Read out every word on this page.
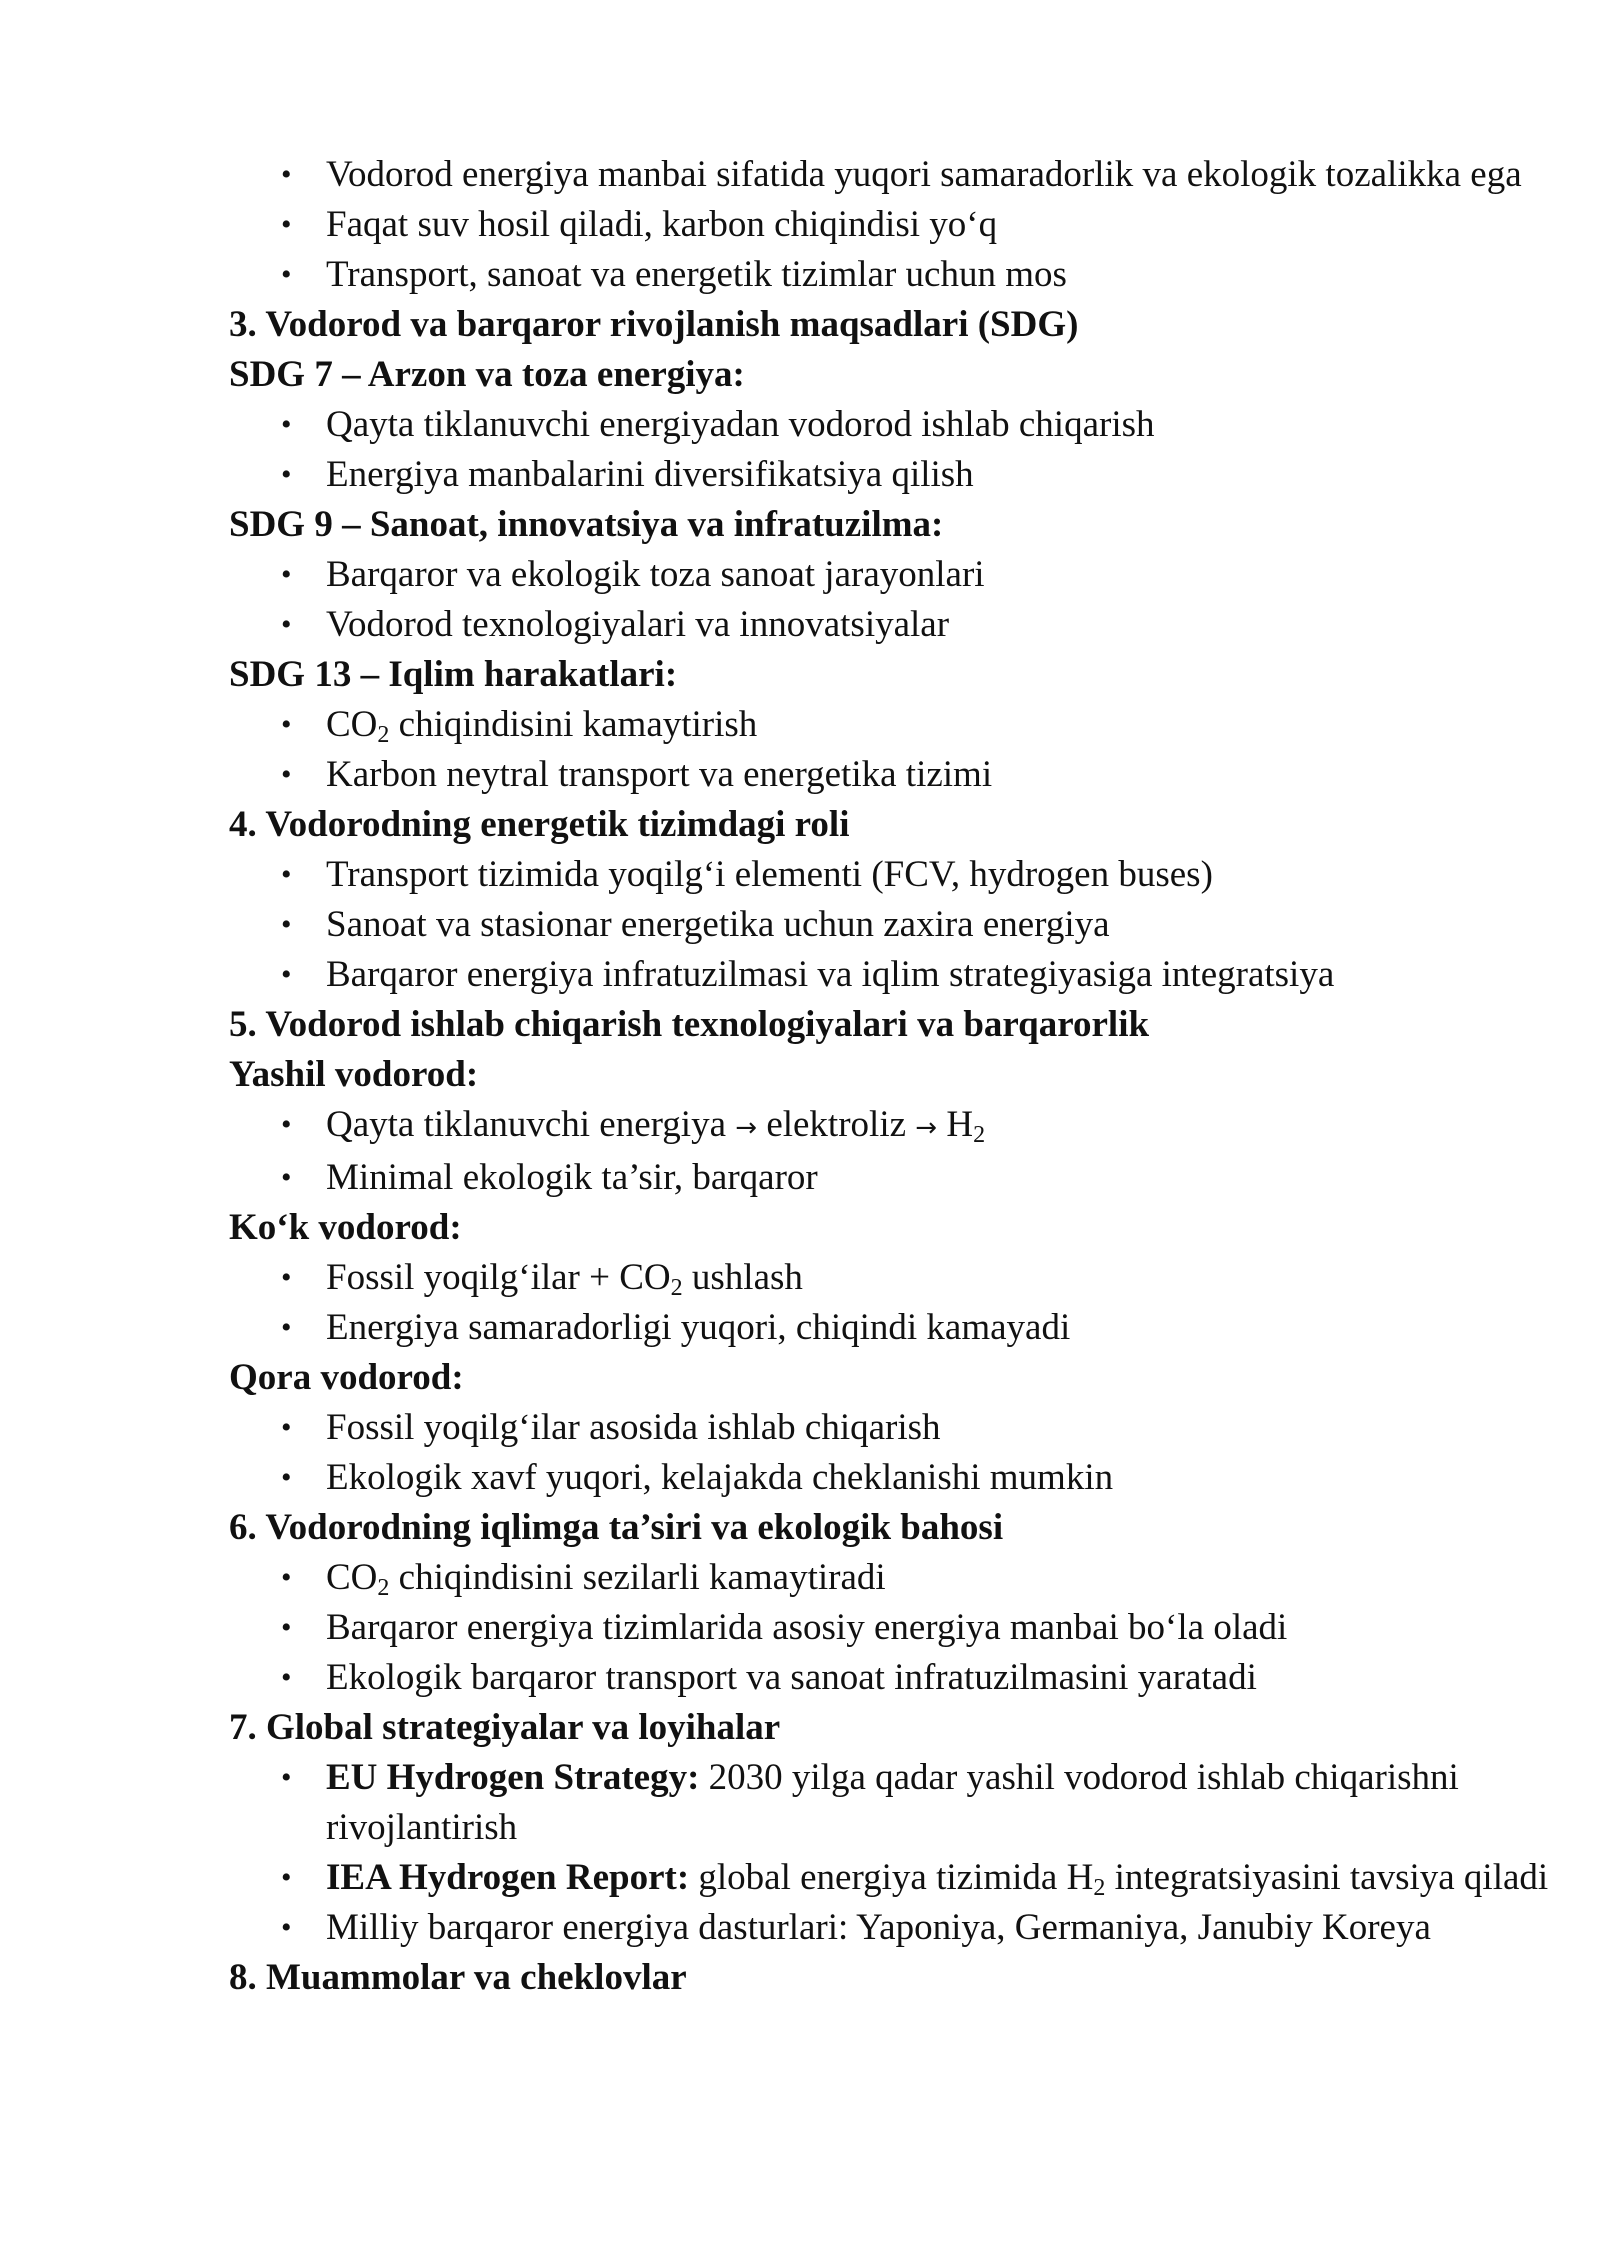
• Vodorod energiya manbai sifatida yuqori samaradorlik va ekologik tozalikka ega
• Faqat suv hosil qiladi, karbon chiqindisi yo‘q
• Transport, sanoat va energetik tizimlar uchun mos
3. Vodorod va barqaror rivojlanish maqsadlari (SDG)
SDG 7 – Arzon va toza energiya:
• Qayta tiklanuvchi energiyadan vodorod ishlab chiqarish
• Energiya manbalarini diversifikatsiya qilish
SDG 9 – Sanoat, innovatsiya va infratuzilma:
• Barqaror va ekologik toza sanoat jarayonlari
• Vodorod texnologiyalari va innovatsiyalar
SDG 13 – Iqlim harakatlari:
• $CO_2$ chiqindisini kamaytirish
• Karbon neytral transport va energetika tizimi
4. Vodorodning energetik tizimdagi roli
• Transport tizimida yoqilg‘i elementi (FCV, hydrogen buses)
• Sanoat va stasionar energetika uchun zaxira energiya
• Barqaror energiya infratuzilmasi va iqlim strategiyasiga integratsiya
5. Vodorod ishlab chiqarish texnologiyalari va barqarorlik
Yashil vodorod:
• Qayta tiklanuvchi energiya → elektroliz → $H_2$
• Minimal ekologik ta’sir, barqaror
Ko‘k vodorod:
• Fossil yoqilg‘ilar + $CO_2$ ushlash
• Energiya samaradorligi yuqori, chiqindi kamayadi
Qora vodorod:
• Fossil yoqilg‘ilar asosida ishlab chiqarish
• Ekologik xavf yuqori, kelajakda cheklanishi mumkin
6. Vodorodning iqlimga ta’siri va ekologik bahosi
• $CO_2$ chiqindisini sezilarli kamaytiradi
• Barqaror energiya tizimlarida asosiy energiya manbai bo‘la oladi
• Ekologik barqaror transport va sanoat infratuzilmasini yaratadi
7. Global strategiyalar va loyihalar
• EU Hydrogen Strategy: 2030 yilga qadar yashil vodorod ishlab chiqarishni rivojlantirish
• IEA Hydrogen Report: global energiya tizimida $H_2$ integratsiyasini tavsiya qiladi
• Milliy barqaror energiya dasturlari: Yaponiya, Germaniya, Janubiy Koreya
8. Muammolar va cheklovlar
